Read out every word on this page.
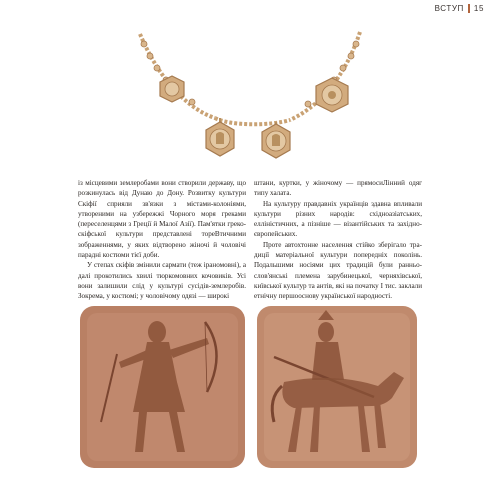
ВСТУП 15

із місцевими землеробами вони створили державу, що розкинулась від Дунаю до Дону. Розвитку культури Скіфії сприяли зв'язки з містами-колоніями, утвореними на узбережжі Чорного моря греками (переселенцями з Греції й Малої Азії). Пам'ятки греко-скіфської культури представлені тореВтичними зображеннями, у яких відтворено жіночі й чоловічі парадні костюми тієї доби.

У степах скіфів змінили сармати (теж іраномовні), а далі прокотились хвилі тюркомовних кочовиків. Усі вони залишили слід у культурі сусідів-землеробів. Зокрема, у костюмі; у чоловічому одязі — широкі

штани, куртки, у жіночому — прямосиЛінний одяг типу халата.

На культуру правдавніх українців здавна впливали культури різних народів: східноазіатських, елліністичних, а пізніше — візантійських та західноєвропейських.

Проте автохтонне населення стійко зберігало традиції матеріальної культури попередніх поколінь. Подальшими носіями цих традицій були ранньослов'янські племена зарубинецької, черняхівської, київської культур та антів, які на початку І тис. заклали етнічну першооснову української народності.
